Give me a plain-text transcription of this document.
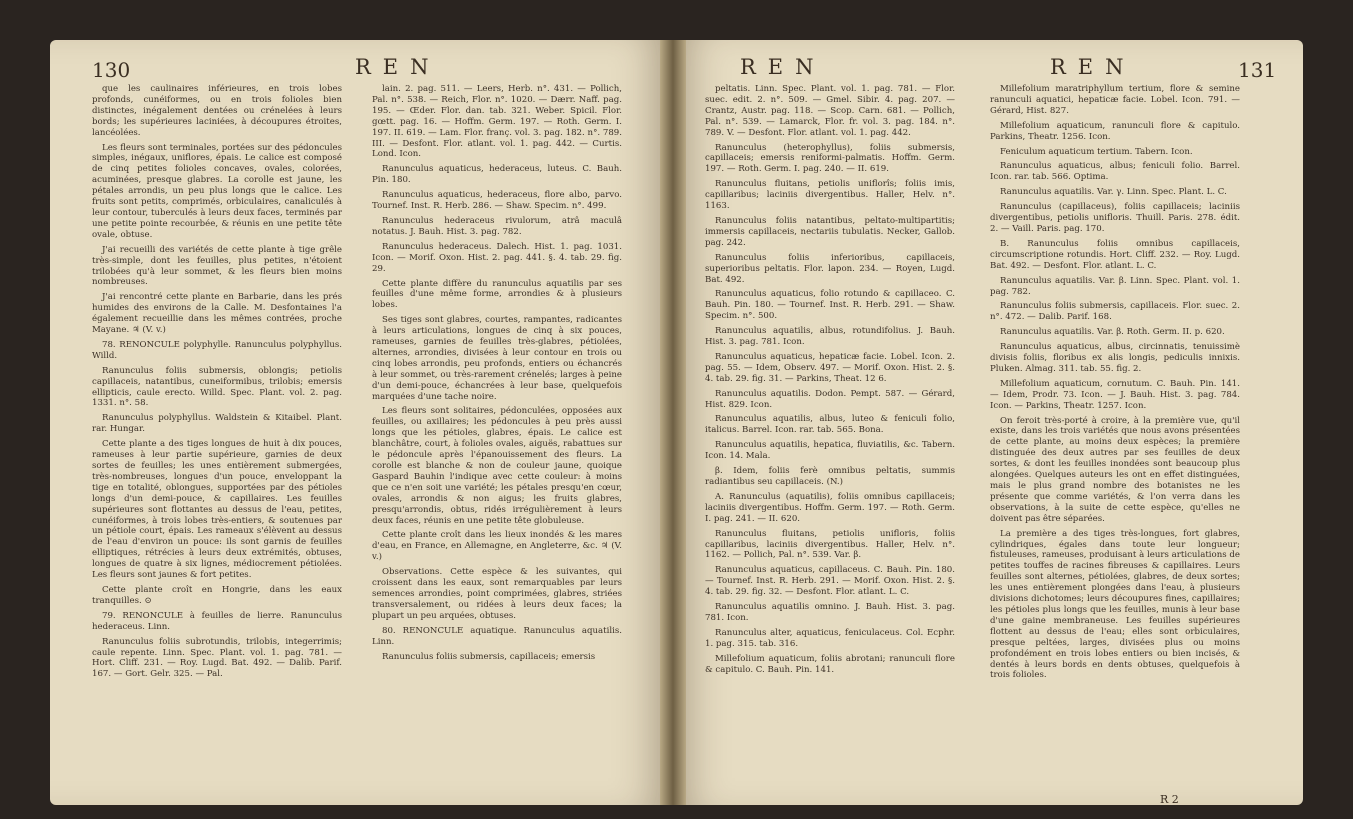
130	REN

que les caulinaires inférieures, en trois lobes profonds, cunéiformes, ou en trois folioles bien distinctes, inégalement dentées ou crénelées à leurs bords; les supérieures laciniées, à découpures étroites, lancéolées.

Les fleurs sont terminales, portées sur des pédoncules simples, inégaux, uniflores, épais. Le calice est composé de cinq petites folioles concaves, ovales, colorées, acuminées, presque glabres. La corolle est jaune, les pétales arrondis, un peu plus longs que le calice. Les fruits sont petits, comprimés, orbiculaires, canaliculés à leur contour, tuberculés à leurs deux faces, terminés par une petite pointe recourbée, & réunis en une petite tête ovale, obtuse.

J'ai recueilli des variétés de cette plante à tige grêle très-simple, dont les feuilles, plus petites, n'étoient trilobées qu'à leur sommet, & les fleurs bien moins nombreuses.

J'ai rencontré cette plante en Barbarie, dans les prés humides des environs de la Calle. M. Desfontaines l'a également recueillie dans les mêmes contrées, proche Mayane. ♃ (V. v.)

78. RENONCULE polyphylle. Ranunculus polyphyllus. Willd.

Ranunculus foliis submersis, oblongis; petiolis capillaceis, natantibus, cuneiformibus, trilobis; emersis ellipticis, caule erecto. Willd. Spec. Plant. vol. 2. pag. 1331. n°. 58.

Ranunculus polyphyllus. Waldstein & Kitaibel. Plant. rar. Hungar.

Cette plante a des tiges longues de huit à dix pouces, rameuses à leur partie supérieure, garnies de deux sortes de feuilles; les unes entièrement submergées, très-nombreuses, longues d'un pouce, enveloppant la tige en totalité, oblongues, supportées par des pétioles longs d'un demi-pouce, & capillaires. Les feuilles supérieures sont flottantes au dessus de l'eau, petites, cunéiformes, à trois lobes très-entiers, & soutenues par un pétiole court, épais. Les rameaux s'élèvent au dessus de l'eau d'environ un pouce: ils sont garnis de feuilles elliptiques, rétrécies à leurs deux extrémités, obtuses, longues de quatre à six lignes, médiocrement pétiolées. Les fleurs sont jaunes & fort petites.

Cette plante croît en Hongrie, dans les eaux tranquilles. ⊙

79. RENONCULE à feuilles de lierre. Ranunculus hederaceus. Linn.

Ranunculus foliis subrotundis, trilobis, integerrimis; caule repente. Linn. Spec. Plant. vol. 1. pag. 781. — Hort. Cliff. 231. — Roy. Lugd. Bat. 492. — Dalib. Parif. 167. — Gort. Gelr. 325. — Pal.

lain. 2. pag. 511. — Leers, Herb. n°. 431. — Pollich, Pal. n°. 538. — Reich, Flor. n°. 1020. — Dærr. Naff. pag. 195. — Œder. Flor. dan. tab. 321. Weber. Spicil. Flor. gœtt. pag. 16. — Hoffm. Germ. 197. — Roth. Germ. I. 197. II. 619. — Lam. Flor. franç. vol. 3. pag. 182. n°. 789. III. — Desfont. Flor. atlant. vol. 1. pag. 442. — Curtis. Lond. Icon.

Ranunculus aquaticus, hederaceus, luteus. C. Bauh. Pin. 180.

Ranunculus aquaticus, hederaceus, flore albo, parvo. Tournef. Inst. R. Herb. 286. — Shaw. Specim. n°. 499.

Ranunculus hederaceus rivulorum, atrâ maculâ notatus. J. Bauh. Hist. 3. pag. 782.

Ranunculus hederaceus. Dalech. Hist. 1. pag. 1031. Icon. — Morif. Oxon. Hist. 2. pag. 441. §. 4. tab. 29. fig. 29.

Cette plante diffère du ranunculus aquatilis par ses feuilles d'une même forme, arrondies & à plusieurs lobes.

Ses tiges sont glabres, courtes, rampantes, radicantes à leurs articulations, longues de cinq à six pouces, rameuses, garnies de feuilles très-glabres, pétiolées, alternes, arrondies, divisées à leur contour en trois ou cinq lobes arrondis, peu profonds, entiers ou échancrés à leur sommet, ou très-rarement crénelés; larges à peine d'un demi-pouce, échancrées à leur base, quelquefois marquées d'une tache noire.

Les fleurs sont solitaires, pédonculées, opposées aux feuilles, ou axillaires; les pédoncules à peu près aussi longs que les pétioles, glabres, épais. Le calice est blanchâtre, court, à folioles ovales, aiguës, rabattues sur le pédoncule après l'épanouissement des fleurs. La corolle est blanche & non de couleur jaune, quoique Gaspard Bauhin l'indique avec cette couleur: à moins que ce n'en soit une variété; les pétales presqu'en cœur, ovales, arrondis & non aigus; les fruits glabres, presqu'arrondis, obtus, ridés irrégulièrement à leurs deux faces, réunis en une petite tête globuleuse.

Cette plante croît dans les lieux inondés & les mares d'eau, en France, en Allemagne, en Angleterre, &c. ♃ (V. v.)

Observations. Cette espèce & les suivantes, qui croissent dans les eaux, sont remarquables par leurs semences arrondies, point comprimées, glabres, striées transversalement, ou ridées à leurs deux faces; la plupart un peu arquées, obtuses.

80. RENONCULE aquatique. Ranunculus aquatilis. Linn.

Ranunculus foliis submersis, capillaceis; emersis

REN	REN	131

peltatis. Linn. Spec. Plant. vol. 1. pag. 781. — Flor. suec. edit. 2. n°. 509. — Gmel. Sibir. 4. pag. 207. — Crantz, Austr. pag. 118. — Scop. Carn. 681. — Pollich, Pal. n°. 539. — Lamarck, Flor. fr. vol. 3. pag. 184. n°. 789. V. — Desfont. Flor. atlant. vol. 1. pag. 442.

Ranunculus (heterophyllus), foliis submersis, capillaceis; emersis reniformi-palmatis. Hoffm. Germ. 197. — Roth. Germ. I. pag. 240. — II. 619.

Ranunculus fluitans, petiolis uniflorîs; foliis imis, capillaribus; laciniis divergentibus. Haller, Helv. n°. 1163.

Ranunculus foliis natantibus, peltato-multipartitis; immersis capillaceis, nectariis tubulatis. Necker, Gallob. pag. 242.

Ranunculus foliis inferioribus, capillaceis, superioribus peltatis. Flor. lapon. 234. — Royen, Lugd. Bat. 492.

Ranunculus aquaticus, folio rotundo & capillaceo. C. Bauh. Pin. 180. — Tournef. Inst. R. Herb. 291. — Shaw. Specim. n°. 500.

Ranunculus aquatilis, albus, rotundifolius. J. Bauh. Hist. 3. pag. 781. Icon.

Ranunculus aquaticus, hepaticæ facie. Lobel. Icon. 2. pag. 55. — Idem, Observ. 497. — Morif. Oxon. Hist. 2. §. 4. tab. 29. fig. 31. — Parkins, Theat. 12 6.

Ranunculus aquatilis. Dodon. Pempt. 587. — Gérard, Hist. 829. Icon.

Ranunculus aquatilis, albus, luteo & feniculi folio, italicus. Barrel. Icon. rar. tab. 565. Bona.

Ranunculus aquatilis, hepatica, fluviatilis, &c. Tabern. Icon. 14. Mala.

β. Idem, foliis ferè omnibus peltatis, summis radiantibus seu capillaceis. (N.)

A. Ranunculus (aquatilis), foliis omnibus capillaceis; laciniis divergentibus. Hoffm. Germ. 197. — Roth. Germ. I. pag. 241. — II. 620.

Ranunculus fluitans, petiolis unifloris, foliis capillaribus, laciniis divergentibus. Haller, Helv. n°. 1162. — Pollich, Pal. n°. 539. Var. β.

Ranunculus aquaticus, capillaceus. C. Bauh. Pin. 180. — Tournef. Inst. R. Herb. 291. — Morif. Oxon. Hist. 2. §. 4. tab. 29. fig. 32. — Desfont. Flor. atlant. L. C.

Ranunculus aquatilis omnino. J. Bauh. Hist. 3. pag. 781. Icon.

Ranunculus alter, aquaticus, feniculaceus. Col. Ecphr. 1. pag. 315. tab. 316.

Millefolium aquaticum, foliis abrotani; ranunculi flore & capitulo. C. Bauh. Pin. 141.

Millefolium maratriphyllum tertium, flore & semine ranunculi aquatici, hepaticæ facie. Lobel. Icon. 791. — Gérard, Hist. 827.

Millefolium aquaticum, ranunculi flore & capitulo. Parkins, Theatr. 1256. Icon.

Feniculum aquaticum tertium. Tabern. Icon.

Ranunculus aquaticus, albus; feniculi folio. Barrel. Icon. rar. tab. 566. Optima.

Ranunculus aquatilis. Var. γ. Linn. Spec. Plant. L. C.

Ranunculus (capillaceus), foliis capillaceis; laciniis divergentibus, petiolis unifloris. Thuill. Paris. 278. édit. 2. — Vaill. Paris. pag. 170.

B. Ranunculus foliis omnibus capillaceis, circumscriptione rotundis. Hort. Cliff. 232. — Roy. Lugd. Bat. 492. — Desfont. Flor. atlant. L. C.

Ranunculus aquatilis. Var. β. Linn. Spec. Plant. vol. 1. pag. 782.

Ranunculus foliis submersis, capillaceis. Flor. suec. 2. n°. 472. — Dalib. Parif. 168.

Ranunculus aquatilis. Var. β. Roth. Germ. II. p. 620.

Ranunculus aquaticus, albus, circinnatis, tenuissimè divisis foliis, floribus ex alis longis, pediculis innixis. Pluken. Almag. 311. tab. 55. fig. 2.

Millefolium aquaticum, cornutum. C. Bauh. Pin. 141. — Idem, Prodr. 73. Icon. — J. Bauh. Hist. 3. pag. 784. Icon. — Parkins, Theatr. 1257. Icon.

On feroit très-porté à croire, à la première vue, qu'il existe, dans les trois variétés que nous avons présentées de cette plante, au moins deux espèces; la première distinguée des deux autres par ses feuilles de deux sortes, & dont les feuilles inondées sont beaucoup plus alongées. Quelques auteurs les ont en effet distinguées, mais le plus grand nombre des botanistes ne les présente que comme variétés, & l'on verra dans les observations, à la suite de cette espèce, qu'elles ne doivent pas être séparées.

La première a des tiges très-longues, fort glabres, cylindriques, égales dans toute leur longueur; fistuleuses, rameuses, produisant à leurs articulations de petites touffes de racines fibreuses & capillaires. Leurs feuilles sont alternes, pétiolées, glabres, de deux sortes; les unes entièrement plongées dans l'eau, à plusieurs divisions dichotomes; leurs découpures fines, capillaires; les pétioles plus longs que les feuilles, munis à leur base d'une gaine membraneuse. Les feuilles supérieures flottent au dessus de l'eau; elles sont orbiculaires, presque peltées, larges, divisées plus ou moins profondément en trois lobes entiers ou bien incisés, & dentés à leurs bords en dents obtuses, quelquefois à trois folioles.

R 2
